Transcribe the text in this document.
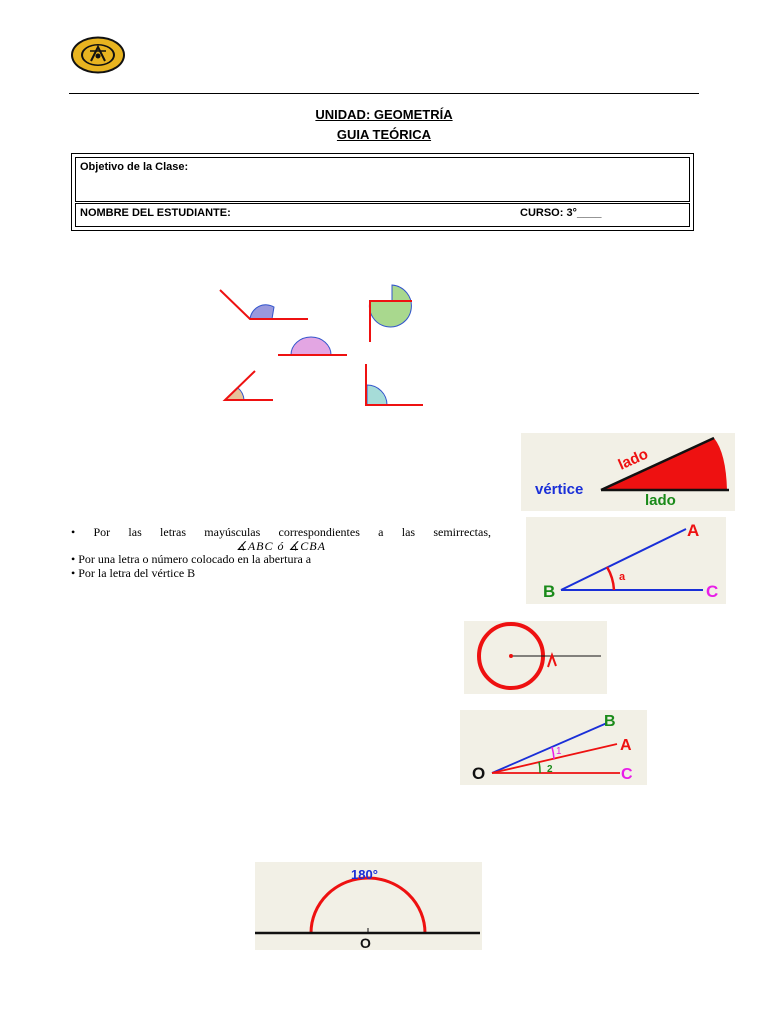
UNIDAD: GEOMETRÍA
GUIA TEÓRICA
Objetivo de la Clase:
NOMBRE DEL ESTUDIANTE:	CURSO: 3°____
lado
lado
vértice
• Por las letras mayúsculas correspondientes a las semirrectas,
∡ABC ó ∡CBA
• Por una letra o número colocado en la abertura a
• Por la letra del vértice B
A
B	C
a
1
2
O
B
A
C
180°
O
